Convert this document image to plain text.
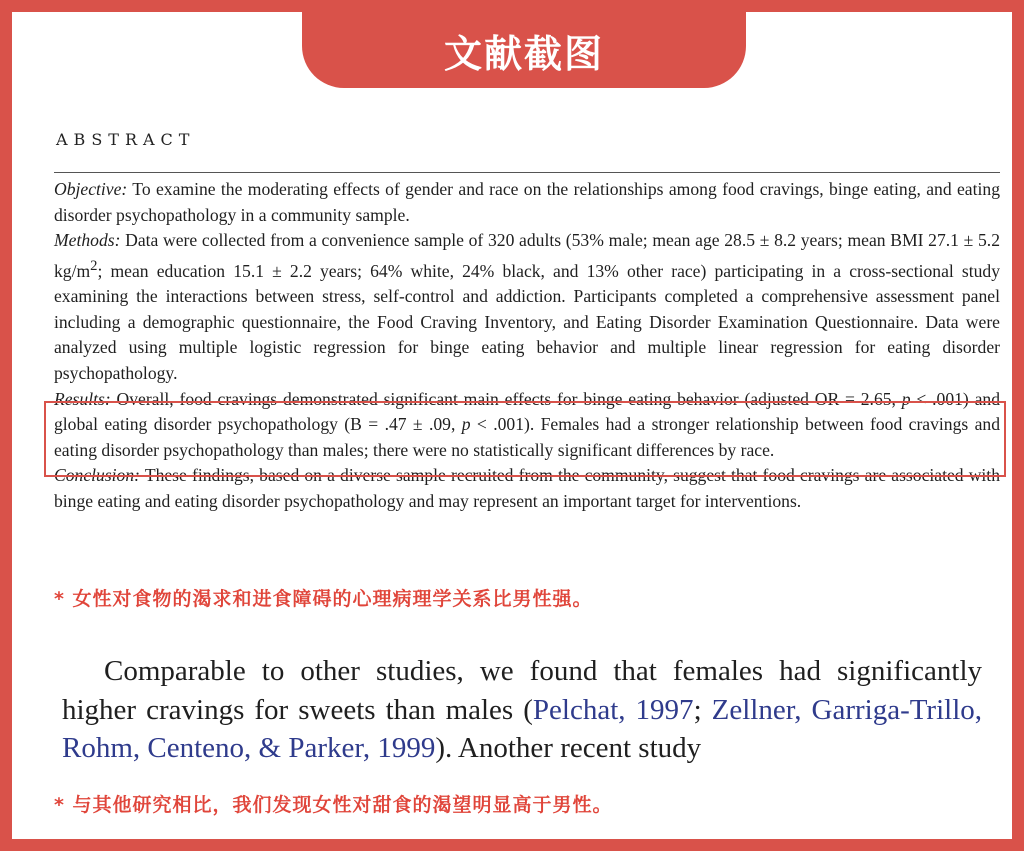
文献截图
ABSTRACT

Objective: To examine the moderating effects of gender and race on the relationships among food cravings, binge eating, and eating disorder psychopathology in a community sample.

Methods: Data were collected from a convenience sample of 320 adults (53% male; mean age 28.5 ± 8.2 years; mean BMI 27.1 ± 5.2 $kg/m^2$; mean education 15.1 ± 2.2 years; 64% white, 24% black, and 13% other race) participating in a cross-sectional study examining the interactions between stress, self-control and addiction. Participants completed a comprehensive assessment panel including a demographic questionnaire, the Food Craving Inventory, and Eating Disorder Examination Questionnaire. Data were analyzed using multiple logistic regression for binge eating behavior and multiple linear regression for eating disorder psychopathology.

Results: Overall, food cravings demonstrated significant main effects for binge eating behavior (adjusted OR = 2.65, p < .001) and global eating disorder psychopathology (B = .47 ± .09, p < .001). Females had a stronger relationship between food cravings and eating disorder psychopathology than males; there were no statistically significant differences by race.

Conclusion: These findings, based on a diverse sample recruited from the community, suggest that food cravings are associated with binge eating and eating disorder psychopathology and may represent an important target for interventions.

* 女性对食物的渴求和进食障碍的心理病理学关系比男性强。
Comparable to other studies, we found that females had significantly higher cravings for sweets than males (Pelchat, 1997; Zellner, Garriga-Trillo, Rohm, Centeno, & Parker, 1999). Another recent study
* 与其他研究相比，我们发现女性对甜食的渴望明显高于男性。
